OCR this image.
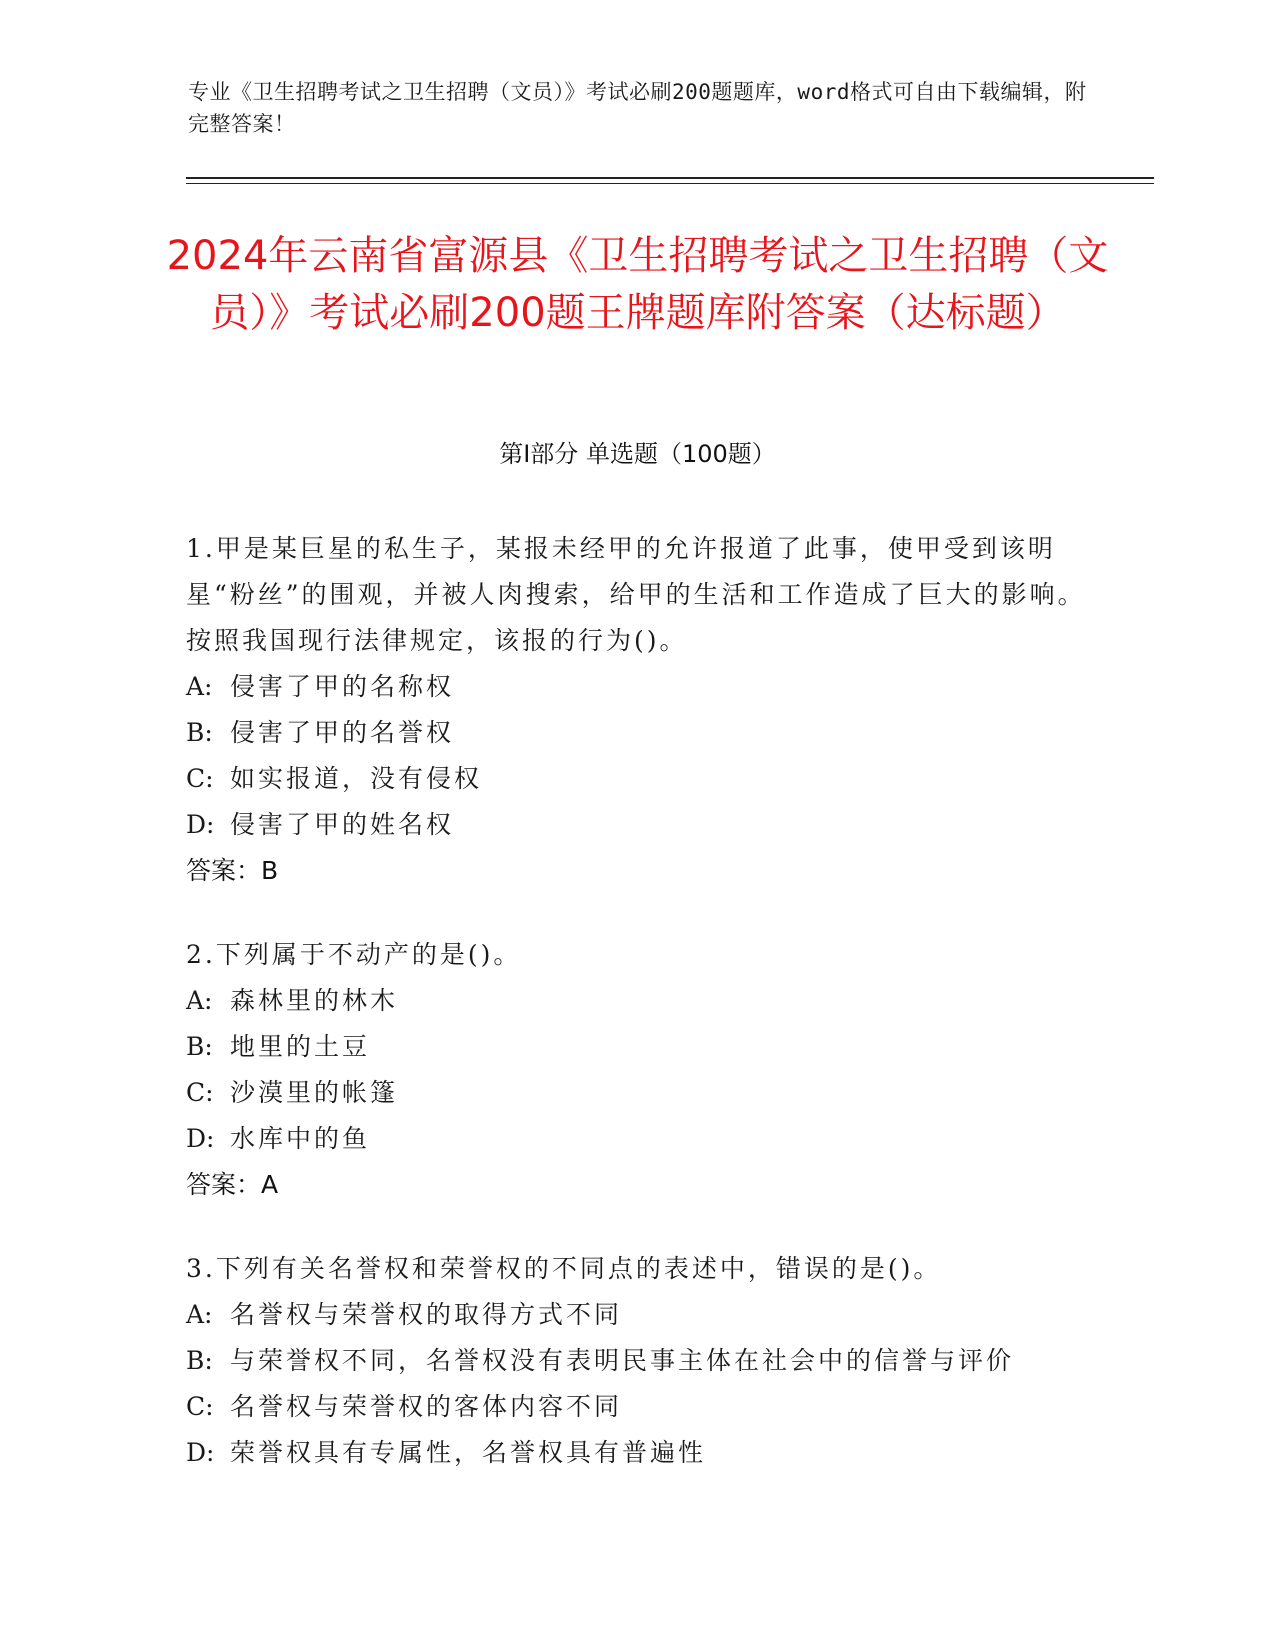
专业《卫生招聘考试之卫生招聘（文员）》考试必刷200题题库，word格式可自由下载编辑，附完整答案！
2024年云南省富源县《卫生招聘考试之卫生招聘（文员）》考试必刷200题王牌题库附答案（达标题）
第I部分 单选题（100题）
1.甲是某巨星的私生子，某报未经甲的允许报道了此事，使甲受到该明星“粉丝”的围观，并被人肉搜索，给甲的生活和工作造成了巨大的影响。按照我国现行法律规定，该报的行为()。
A: 侵害了甲的名称权
B: 侵害了甲的名誉权
C: 如实报道，没有侵权
D: 侵害了甲的姓名权
答案：B
2.下列属于不动产的是()。
A: 森林里的林木
B: 地里的土豆
C: 沙漠里的帐篷
D: 水库中的鱼
答案：A
3.下列有关名誉权和荣誉权的不同点的表述中，错误的是()。
A: 名誉权与荣誉权的取得方式不同
B: 与荣誉权不同，名誉权没有表明民事主体在社会中的信誉与评价
C: 名誉权与荣誉权的客体内容不同
D: 荣誉权具有专属性，名誉权具有普遍性
